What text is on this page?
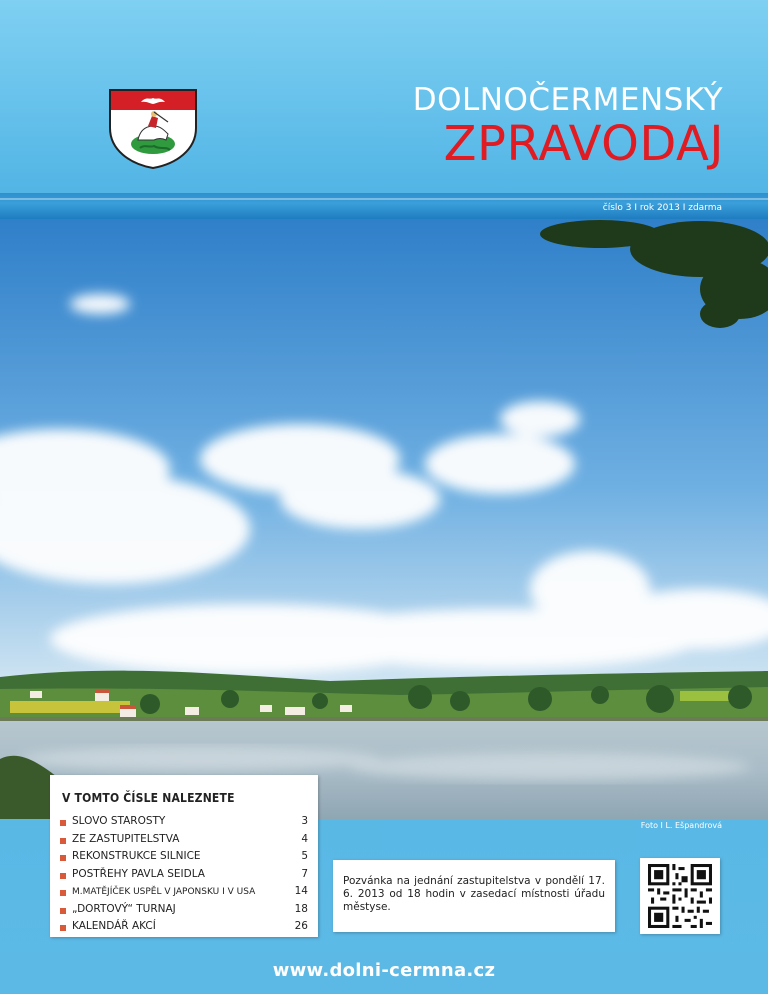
DOLNOČERMENSKÝ
ZPRAVODAJ
číslo 3 I rok 2013 I zdarma
V TOMTO ČÍSLE NALEZNETE
SLOVO STAROSTY	3
ZE ZASTUPITELSTVA	4
REKONSTRUKCE SILNICE	5
POSTŘEHY PAVLA SEIDLA	7
M.MATĚJÍČEK USPĚL V JAPONSKU I V USA	14
„DORTOVÝ“ TURNAJ	18
KALENDÁŘ AKCÍ	26
Foto I L. Ešpandrová
Pozvánka na jednání zastupitelstva v pondělí 17. 6. 2013 od 18 hodin v zasedací místnosti úřadu městyse.
www.dolni-cermna.cz
